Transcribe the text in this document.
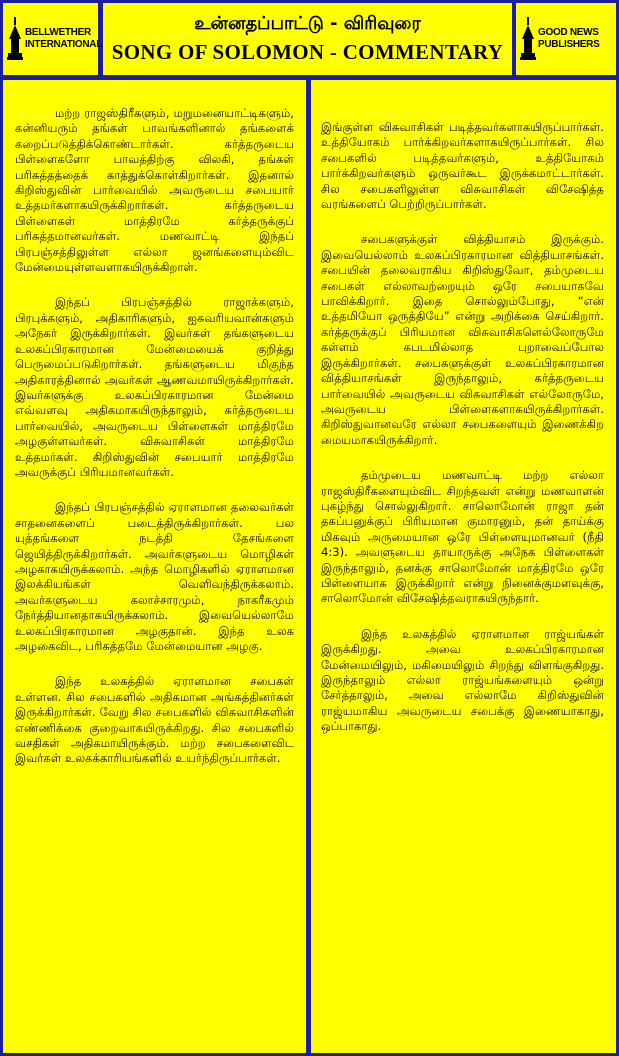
BELLWETHER
INTERNATIONAL
உன்னதப்பாட்டு - விரிவுரை
SONG OF SOLOMON - COMMENTARY
GOOD NEWS
PUBLISHERS

மற்ற ராஜஸ்திரீகளும், மறுமனையாட்டிகளும், கன்னியரும் தங்கள் பாவங்களினால் தங்களைக் கறைப்படுத்திக்கொண்டார்கள். கர்த்தருடைய பிள்ளைகளோ பாவத்திற்கு விலகி, தங்கள் பரிசுத்தத்தைக் காத்துக்கொள்கிறார்கள். இதனால் கிறிஸ்துவின் பார்வையில் அவருடைய சபையார் உத்தமர்களாகயிருக்கிறார்கள். கர்த்தருடைய பிள்ளைகள் மாத்திரமே கர்த்தருக்குப் பரிசுத்தமானவர்கள். மணவாட்டி இந்தப் பிரபஞ்சத்திலுள்ள எல்லா ஜனங்களையும்விட மேன்மையுள்ளவளாகயிருக்கிறாள்.

இந்தப் பிரபஞ்சத்தில் ராஜாக்களும், பிரபுக்களும், அதிகாரிகளும், ஐசுவரியவான்களும் அநேகர் இருக்கிறார்கள். இவர்கள் தங்களுடைய உலகப்பிரகாரமான மேன்மையைக் குறித்து பெருமைப்படுகிறார்கள். தங்களுடைய மிகுந்த அதிகாரத்தினால் அவர்கள் ஆணவமாயிருக்கிறார்கள். இவர்களுக்கு உலகப்பிரகாரமான மேன்மை எவ்வளவு அதிகமாகயிருந்தாலும், கர்த்தருடைய பார்வையில், அவருடைய பிள்ளைகள் மாத்திரமே அழகுள்ளவர்கள். விசுவாசிகள் மாத்திரமே உத்தமர்கள். கிறிஸ்துவின் சபையார் மாத்திரமே அவருக்குப் பிரியமானவர்கள்.

இந்தப் பிரபஞ்சத்தில் ஏராளமான தலைவர்கள் சாதனைகளைப் படைத்திருக்கிறார்கள். பல யுத்தங்களை நடத்தி தேசங்களை ஜெயித்திருக்கிறார்கள். அவர்களுடைய மொழிகள் அழகாகயிருக்கலாம். அந்த மொழிகளில் ஏராளமான இலக்கியங்கள் வெளிவந்திருக்கலாம். அவர்களுடைய கலாச்சாரமும், நாகரீகமும் நேர்த்தியானதாகயிருக்கலாம். இவையெல்லாமே உலகப்பிரகாரமான அழகுதான். இந்த உலக அழகைவிட, பரிசுத்தமே மேன்மையான அழகு.

இந்த உலகத்தில் ஏராளமான சபைகள் உள்ளன. சில சபைகளில் அதிகமான அங்கத்தினர்கள் இருக்கிறார்கள். வேறு சில சபைகளில் விசுவாசிகளின் எண்ணிக்கை குறைவாகயிருக்கிறது. சில சபைகளில் வசதிகள் அதிகமாயிருக்கும். மற்ற சபைகளைவிட இவர்கள் உலகக்காரியங்களில் உயர்ந்திருப்பார்கள்.

இங்குள்ள விசுவாசிகள் படித்தவர்களாகயிருப்பார்கள். உத்தியோகம் பார்க்கிறவர்களாகயிருப்பார்கள். சில சபைகளில் படித்தவர்களும், உத்தியோகம் பார்க்கிறவர்களும் ஒருவர்கூட இருக்கமாட்டார்கள். சில சபைகளிலுள்ள விசுவாசிகள் விசேஷித்த வரங்களைப் பெற்றிருப்பார்கள்.

சபைகளுக்குள் வித்தியாசம் இருக்கும். இவையெல்லாம் உலகப்பிரகாரமான வித்தியாசங்கள். சபையின் தலைவராகிய கிறிஸ்துவோ, தம்முடைய சபைகள் எல்லாவற்றையும் ஒரே சபையாகவே பாவிக்கிறார். இதை சொல்லும்போது, “என் உத்தமியோ ஒருத்தியே” என்று அறிக்கை செய்கிறார். கர்த்தருக்குப் பிரியமான விசுவாசிகளெல்லோருமே கள்ளம் கபடமில்லாத புறாவைப்போல இருக்கிறார்கள். சபைகளுக்குள் உலகப்பிரகாரமான வித்தியாசங்கள் இருந்தாலும், கர்த்தருடைய பார்வையில் அவருடைய விசுவாசிகள் எல்லோருமே, அவருடைய பிள்ளைகளாகயிருக்கிறார்கள். கிறிஸ்துவானவரே எல்லா சபைகளையும் இணைக்கிற மையமாகயிருக்கிறார்.

தம்முடைய மணவாட்டி மற்ற எல்லா ராஜஸ்திரீகளையும்விட சிறந்தவள் என்று மணவாளன் புகழ்ந்து சொல்லுகிறார். சாலொமோன் ராஜா தன் தகப்பனுக்குப் பிரியமான குமாரனும், தன் தாய்க்கு மிகவும் அருமையான ஒரே பிள்ளையுமானவர் (நீதி 4:3). அவளுடைய தாயாருக்கு அநேக பிள்ளைகள் இருந்தாலும், தனக்கு சாலொமோன் மாத்திரமே ஒரே பிள்ளையாக இருக்கிறார் என்று நினைக்குமளவுக்கு, சாலொமோன் விசேஷித்தவராகயிருந்தார்.

இந்த உலகத்தில் ஏராளமான ராஜ்யங்கள் இருக்கிறது. அவை உலகப்பிரகாரமான மேன்மையிலும், மகிமையிலும் சிறந்து விளங்குகிறது. இருந்தாலும் எல்லா ராஜ்யங்களையும் ஒன்று சேர்த்தாலும், அவை எல்லாமே கிறிஸ்துவின் ராஜ்யமாகிய அவருடைய சபைக்கு இணையாகாது, ஒப்பாகாது.
